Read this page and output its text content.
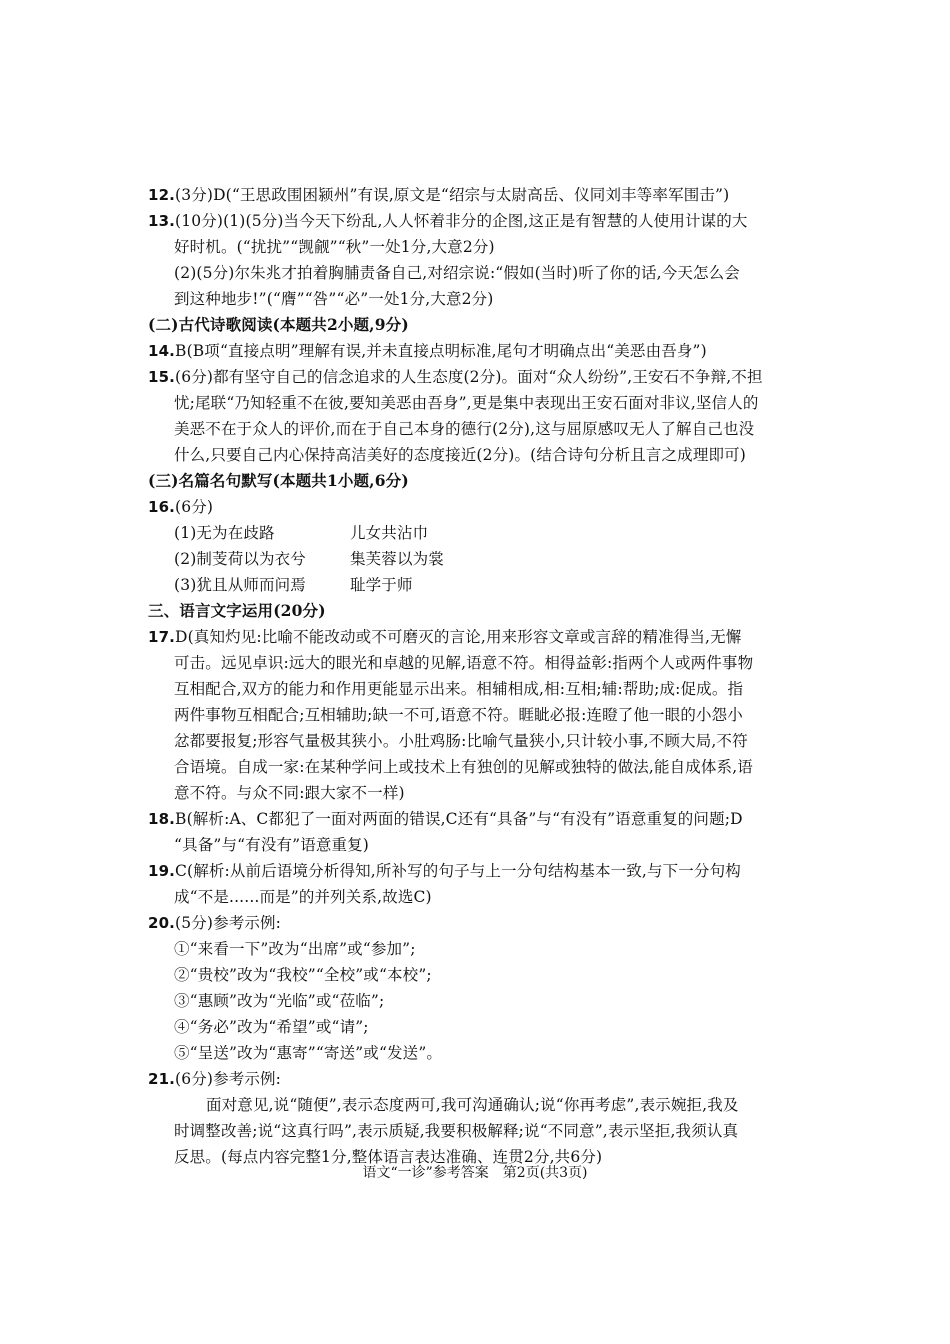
12.(3分)D(“王思政围困颍州”有误,原文是“绍宗与太尉高岳、仪同刘丰等率军围击”)
13.(10分)(1)(5分)当今天下纷乱,人人怀着非分的企图,这正是有智慧的人使用计谋的大
好时机。(“扰扰”“觊觎”“秋”一处1分,大意2分)
(2)(5分)尔朱兆才拍着胸脯责备自己,对绍宗说:“假如(当时)听了你的话,今天怎么会
到这种地步!”(“膺”“咎”“必”一处1分,大意2分)
(二)古代诗歌阅读(本题共2小题,9分)
14.B(B项“直接点明”理解有误,并未直接点明标准,尾句才明确点出“美恶由吾身”)
15.(6分)都有坚守自己的信念追求的人生态度(2分)。面对“众人纷纷”,王安石不争辩,不担
忧;尾联“乃知轻重不在彼,要知美恶由吾身”,更是集中表现出王安石面对非议,坚信人的
美恶不在于众人的评价,而在于自己本身的德行(2分),这与屈原感叹无人了解自己也没
什么,只要自己内心保持高洁美好的态度接近(2分)。(结合诗句分析且言之成理即可)
(三)名篇名句默写(本题共1小题,6分)
16.(6分)
(1)无为在歧路	儿女共沾巾
(2)制芰荷以为衣兮	集芙蓉以为裳
(3)犹且从师而问焉	耻学于师
三、语言文字运用(20分)
17.D(真知灼见:比喻不能改动或不可磨灭的言论,用来形容文章或言辞的精准得当,无懈
可击。远见卓识:远大的眼光和卓越的见解,语意不符。相得益彰:指两个人或两件事物
互相配合,双方的能力和作用更能显示出来。相辅相成,相:互相;辅:帮助;成:促成。指
两件事物互相配合;互相辅助;缺一不可,语意不符。睚眦必报:连瞪了他一眼的小怨小
忿都要报复;形容气量极其狭小。小肚鸡肠:比喻气量狭小,只计较小事,不顾大局,不符
合语境。自成一家:在某种学问上或技术上有独创的见解或独特的做法,能自成体系,语
意不符。与众不同:跟大家不一样)
18.B(解析:A、C都犯了一面对两面的错误,C还有“具备”与“有没有”语意重复的问题;D
“具备”与“有没有”语意重复)
19.C(解析:从前后语境分析得知,所补写的句子与上一分句结构基本一致,与下一分句构
成“不是......而是”的并列关系,故选C)
20.(5分)参考示例:
①“来看一下”改为“出席”或“参加”;
②“贵校”改为“我校”“全校”或“本校”;
③“惠顾”改为“光临”或“莅临”;
④“务必”改为“希望”或“请”;
⑤“呈送”改为“惠寄”“寄送”或“发送”。
21.(6分)参考示例:
面对意见,说“随便”,表示态度两可,我可沟通确认;说“你再考虑”,表示婉拒,我及
时调整改善;说“这真行吗”,表示质疑,我要积极解释;说“不同意”,表示坚拒,我须认真
反思。(每点内容完整1分,整体语言表达准确、连贯2分,共6分)
语文“一诊”参考答案　第2页(共3页)
